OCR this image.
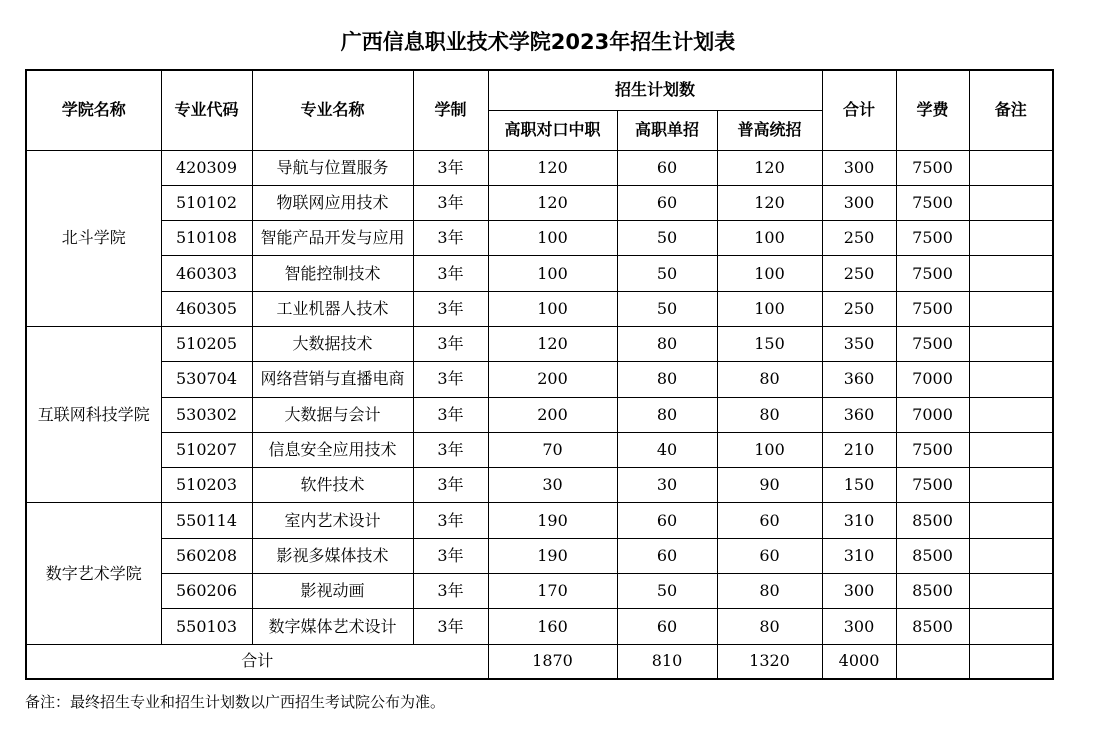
广西信息职业技术学院2023年招生计划表
学院名称	专业代码	专业名称	学制	招生计划数			合计	学费	备注
				高职对口中职	高职单招	普高统招			
北斗学院	420309	导航与位置服务	3年	120	60	120	300	7500	
	510102	物联网应用技术	3年	120	60	120	300	7500	
	510108	智能产品开发与应用	3年	100	50	100	250	7500	
	460303	智能控制技术	3年	100	50	100	250	7500	
	460305	工业机器人技术	3年	100	50	100	250	7500	
互联网科技学院	510205	大数据技术	3年	120	80	150	350	7500	
	530704	网络营销与直播电商	3年	200	80	80	360	7000	
	530302	大数据与会计	3年	200	80	80	360	7000	
	510207	信息安全应用技术	3年	70	40	100	210	7500	
	510203	软件技术	3年	30	30	90	150	7500	
数字艺术学院	550114	室内艺术设计	3年	190	60	60	310	8500	
	560208	影视多媒体技术	3年	190	60	60	310	8500	
	560206	影视动画	3年	170	50	80	300	8500	
	550103	数字媒体艺术设计	3年	160	60	80	300	8500	
合计				1870	810	1320	4000		

备注：最终招生专业和招生计划数以广西招生考试院公布为准。
